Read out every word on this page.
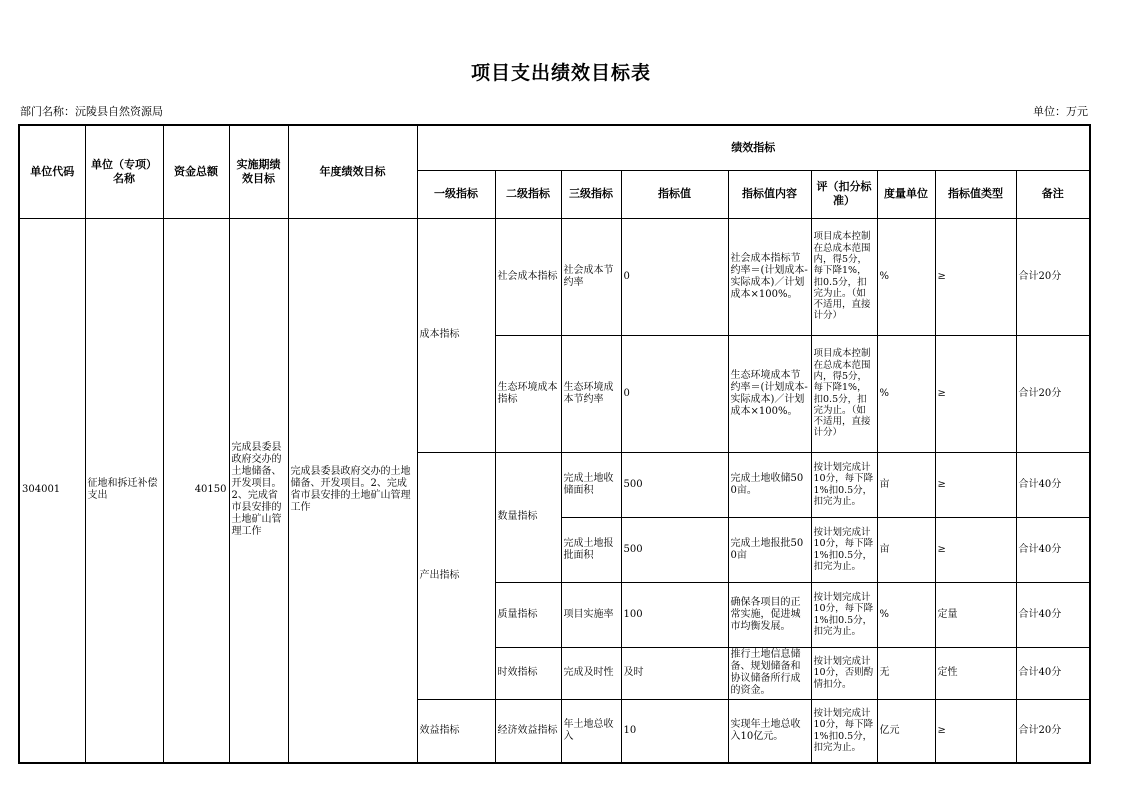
项目支出绩效目标表
部门名称：沅陵县自然资源局	单位：万元
单位代码	单位（专项）名称	资金总额	实施期绩效目标	年度绩效目标	绩效指标								
					一级指标	二级指标	三级指标	指标值	指标值内容	评（扣分标准）	度量单位	指标值类型	备注
304001	征地和拆迁补偿支出	40150	完成县委县政府交办的土地储备、开发项目。2、完成省市县安排的土地矿山管理工作	完成县委县政府交办的土地储备、开发项目。2、完成省市县安排的土地矿山管理工作	成本指标	社会成本指标	社会成本节约率	0	社会成本指标节约率＝(计划成本-实际成本)／计划成本×100%。	项目成本控制在总成本范围内，得5分，每下降1%，扣0.5分，扣完为止。（如不适用，直接计分）	%	≥	合计20分
						生态环境成本指标	生态环境成本节约率	0	生态环境成本节约率＝(计划成本-实际成本)／计划成本×100%。	项目成本控制在总成本范围内，得5分，每下降1%，扣0.5分，扣完为止。（如不适用，直接计分）	%	≥	合计20分
					产出指标	数量指标	完成土地收储面积	500	完成土地收储500亩。	按计划完成计10分，每下降1%扣0.5分，扣完为止。	亩	≥	合计40分
							完成土地报批面积	500	完成土地报批500亩	按计划完成计10分，每下降1%扣0.5分，扣完为止。	亩	≥	合计40分
						质量指标	项目实施率	100	确保各项目的正常实施，促进城市均衡发展。	按计划完成计10分，每下降1%扣0.5分，扣完为止。	%	定量	合计40分
						时效指标	完成及时性	及时	推行土地信息储备、规划储备和协议储备所行成的资金。	按计划完成计10分，否则酌情扣分。	无	定性	合计40分
					效益指标	经济效益指标	年土地总收入	10	实现年土地总收入10亿元。	按计划完成计10分，每下降1%扣0.5分，扣完为止。	亿元	≥	合计20分
